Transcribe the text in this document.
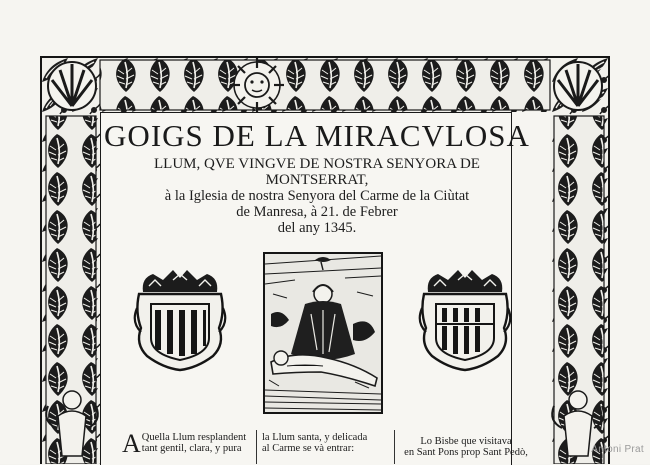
GOIGS DE LA MIRACVLOSA
LLUM, QVE VINGVE DE NOSTRA SENYORA DE MONTSERRAT,
à la Iglesia de nostra Senyora del Carme de la Ciùtat
de Manresa, à 21. de Febrer
del any 1345.
A Quella Llum resplandent
tant gentil, clara, y pura
la Llum santa, y delicada
al Carme se và entrar:
Lo Bisbe que visitava
en Sant Pons prop Sant Pedò,	Antoni Prat
